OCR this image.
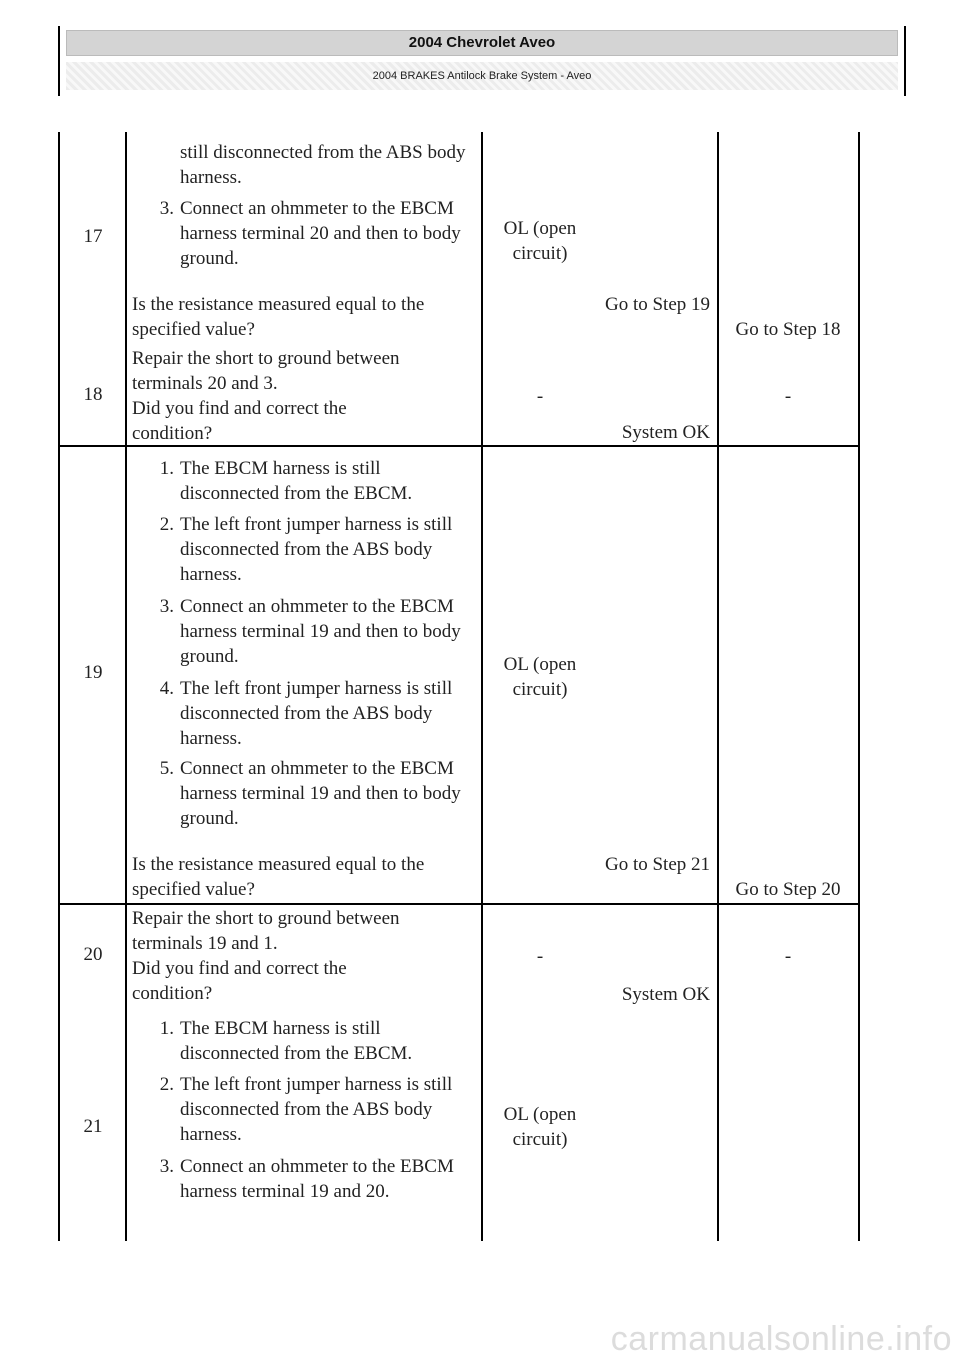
2004 Chevrolet Aveo
2004 BRAKES Antilock Brake System - Aveo
17
still disconnected from the ABS body harness.
3. Connect an ohmmeter to the EBCM harness terminal 20 and then to body ground.
Is the resistance measured equal to the specified value?
OL (open circuit)
Go to Step 19
Go to Step 18
18
Repair the short to ground between terminals 20 and 3.
Did you find and correct the condition?
-
System OK
-
19
1. The EBCM harness is still disconnected from the EBCM.
2. The left front jumper harness is still disconnected from the ABS body harness.
3. Connect an ohmmeter to the EBCM harness terminal 19 and then to body ground.
4. The left front jumper harness is still disconnected from the ABS body harness.
5. Connect an ohmmeter to the EBCM harness terminal 19 and then to body ground.
Is the resistance measured equal to the specified value?
OL (open circuit)
Go to Step 21
Go to Step 20
20
Repair the short to ground between terminals 19 and 1.
Did you find and correct the condition?
-
System OK
-
21
1. The EBCM harness is still disconnected from the EBCM.
2. The left front jumper harness is still disconnected from the ABS body harness.
3. Connect an ohmmeter to the EBCM harness terminal 19 and 20.
OL (open circuit)
carmanualsonline.info
